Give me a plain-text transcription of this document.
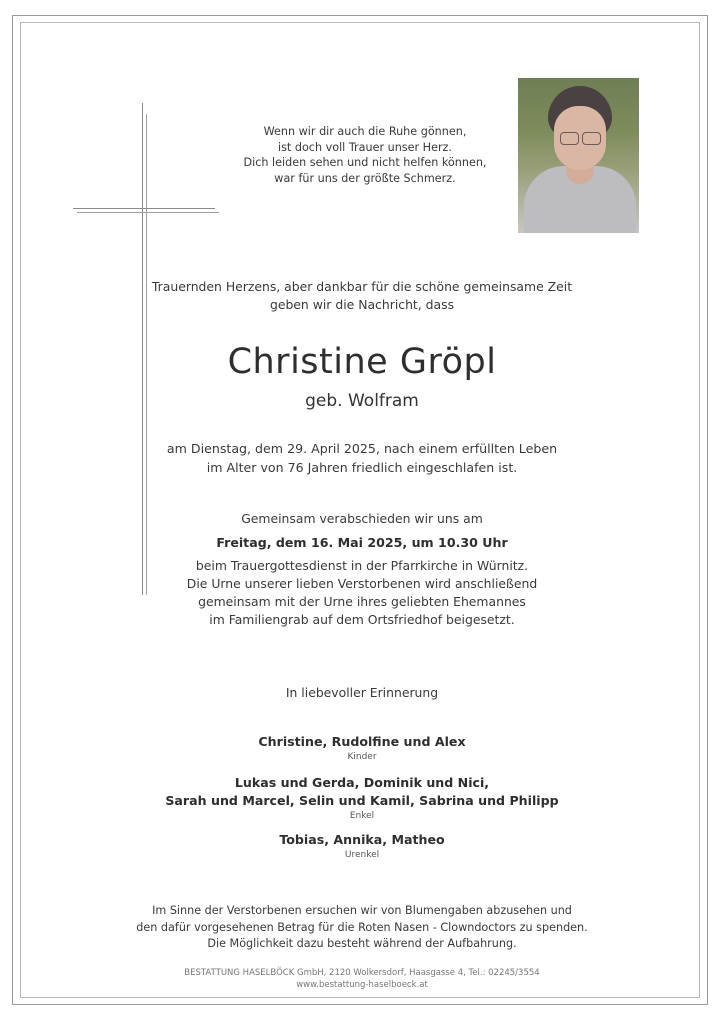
Wenn wir dir auch die Ruhe gönnen,
ist doch voll Trauer unser Herz.
Dich leiden sehen und nicht helfen können,
war für uns der größte Schmerz.
Trauernden Herzens, aber dankbar für die schöne gemeinsame Zeit
geben wir die Nachricht, dass
Christine Gröpl
geb. Wolfram
am Dienstag, dem 29. April 2025, nach einem erfüllten Leben
im Alter von 76 Jahren friedlich eingeschlafen ist.
Gemeinsam verabschieden wir uns am
Freitag, dem 16. Mai 2025, um 10.30 Uhr
beim Trauergottesdienst in der Pfarrkirche in Würnitz.
Die Urne unserer lieben Verstorbenen wird anschließend
gemeinsam mit der Urne ihres geliebten Ehemannes
im Familiengrab auf dem Ortsfriedhof beigesetzt.
In liebevoller Erinnerung
Christine, Rudolfine und Alex
Kinder
Lukas und Gerda, Dominik und Nici,
Sarah und Marcel, Selin und Kamil, Sabrina und Philipp
Enkel
Tobias, Annika, Matheo
Urenkel
Im Sinne der Verstorbenen ersuchen wir von Blumengaben abzusehen und
den dafür vorgesehenen Betrag für die Roten Nasen - Clowndoctors zu spenden.
Die Möglichkeit dazu besteht während der Aufbahrung.
BESTATTUNG HASELBÖCK GmbH, 2120 Wolkersdorf, Haasgasse 4, Tel.: 02245/3554
www.bestattung-haselboeck.at
